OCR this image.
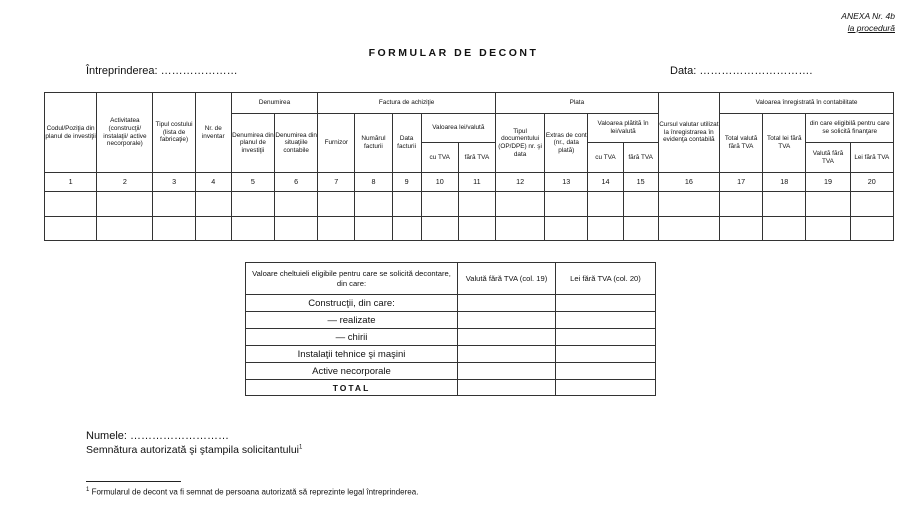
ANEXA Nr. 4b
la procedură
FORMULAR DE DECONT
Întreprinderea: …………………	Data: ………………………….
Codul/Poziţia din planul de investiţii	Activitatea (construcţii/ instalaţii/ active necorporale)	Tipul costului (lista de fabricaţie)	Nr. de inventar	Denumirea		Factura de achiziţie					Plata				Cursul valutar utilizat la înregistrarea în evidenţa contabilă	Valoarea înregistrată în contabilitate			
				Denumirea din planul de investiţii	Denumirea din situaţiile contabile	Furnizor	Numărul facturii	Data facturii	Valoarea lei/valută		Tipul documentului (OP/DPE) nr. şi data	Extras de cont (nr., data plată)	Valoarea plătită în lei/valută			Total valută fără TVA	Total lei fără TVA	din care eligibilă pentru care se solicită finanţare	
									cu TVA	fără TVA			cu TVA	fără TVA				Valută fără TVA	Lei fără TVA
1	2	3	4	5	6	7	8	9	10	11	12	13	14	15	16	17	18	19	20

Valoare cheltuieli eligibile pentru care se solicită decontare, din care:	Valută fără TVA (col. 19)	Lei fără TVA (col. 20)
Construcţii, din care:		
— realizate		
— chirii		
Instalaţii tehnice şi maşini		
Active necorporale		
TOTAL		
Numele: ………………………
Semnătura autorizată şi ştampila solicitantului$^1$
$^1$ Formularul de decont va fi semnat de persoana autorizată să reprezinte legal întreprinderea.
